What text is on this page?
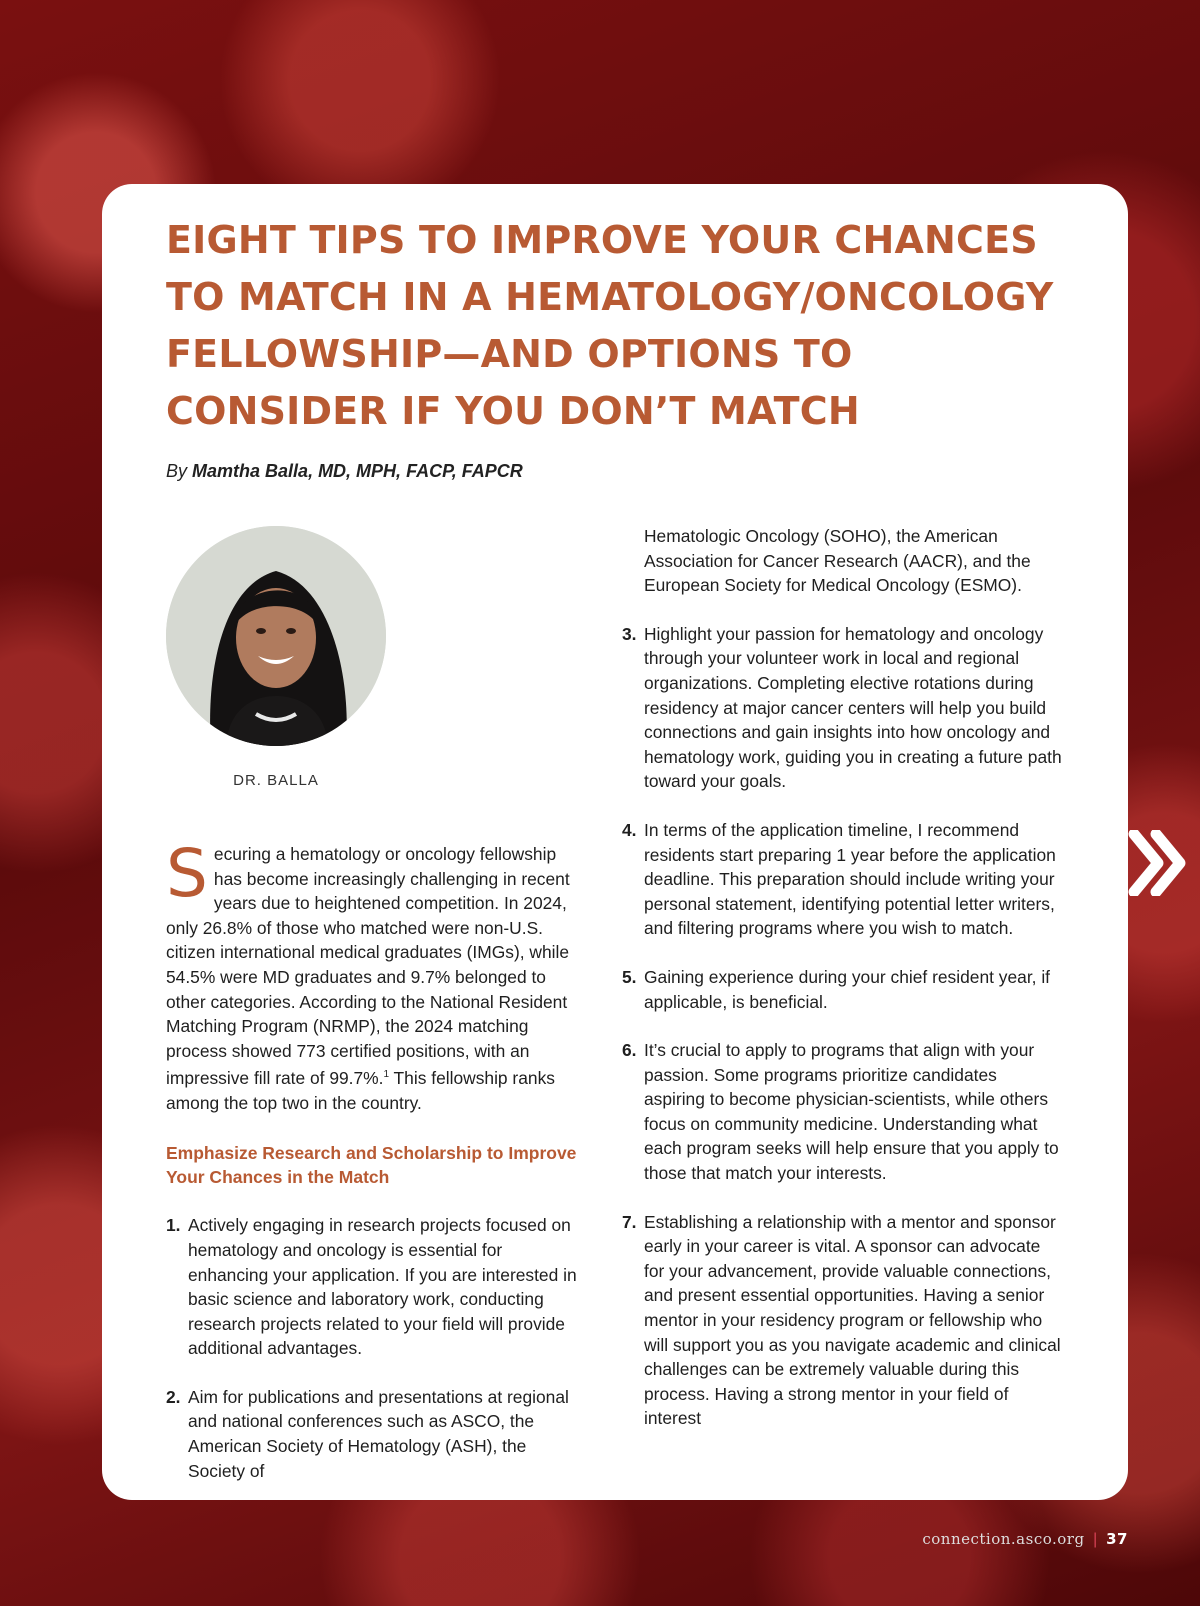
EIGHT TIPS TO IMPROVE YOUR CHANCES TO MATCH IN A HEMATOLOGY/ONCOLOGY FELLOWSHIP—AND OPTIONS TO CONSIDER IF YOU DON’T MATCH
By Mamtha Balla, MD, MPH, FACP, FAPCR
DR. BALLA

Securing a hematology or oncology fellowship has become increasingly challenging in recent years due to heightened competition. In 2024, only 26.8% of those who matched were non-U.S. citizen international medical graduates (IMGs), while 54.5% were MD graduates and 9.7% belonged to other categories. According to the National Resident Matching Program (NRMP), the 2024 matching process showed 773 certified positions, with an impressive fill rate of 99.7%.$^1$ This fellowship ranks among the top two in the country.

Emphasize Research and Scholarship to Improve Your Chances in the Match
1. Actively engaging in research projects focused on hematology and oncology is essential for enhancing your application. If you are interested in basic science and laboratory work, conducting research projects related to your field will provide additional advantages.
2. Aim for publications and presentations at regional and national conferences such as ASCO, the American Society of Hematology (ASH), the Society of
Hematologic Oncology (SOHO), the American Association for Cancer Research (AACR), and the European Society for Medical Oncology (ESMO).
3. Highlight your passion for hematology and oncology through your volunteer work in local and regional organizations. Completing elective rotations during residency at major cancer centers will help you build connections and gain insights into how oncology and hematology work, guiding you in creating a future path toward your goals.
4. In terms of the application timeline, I recommend residents start preparing 1 year before the application deadline. This preparation should include writing your personal statement, identifying potential letter writers, and filtering programs where you wish to match.
5. Gaining experience during your chief resident year, if applicable, is beneficial.
6. It’s crucial to apply to programs that align with your passion. Some programs prioritize candidates aspiring to become physician-scientists, while others focus on community medicine. Understanding what each program seeks will help ensure that you apply to those that match your interests.
7. Establishing a relationship with a mentor and sponsor early in your career is vital. A sponsor can advocate for your advancement, provide valuable connections, and present essential opportunities. Having a senior mentor in your residency program or fellowship who will support you as you navigate academic and clinical challenges can be extremely valuable during this process. Having a strong mentor in your field of interest
connection.asco.org | 37
